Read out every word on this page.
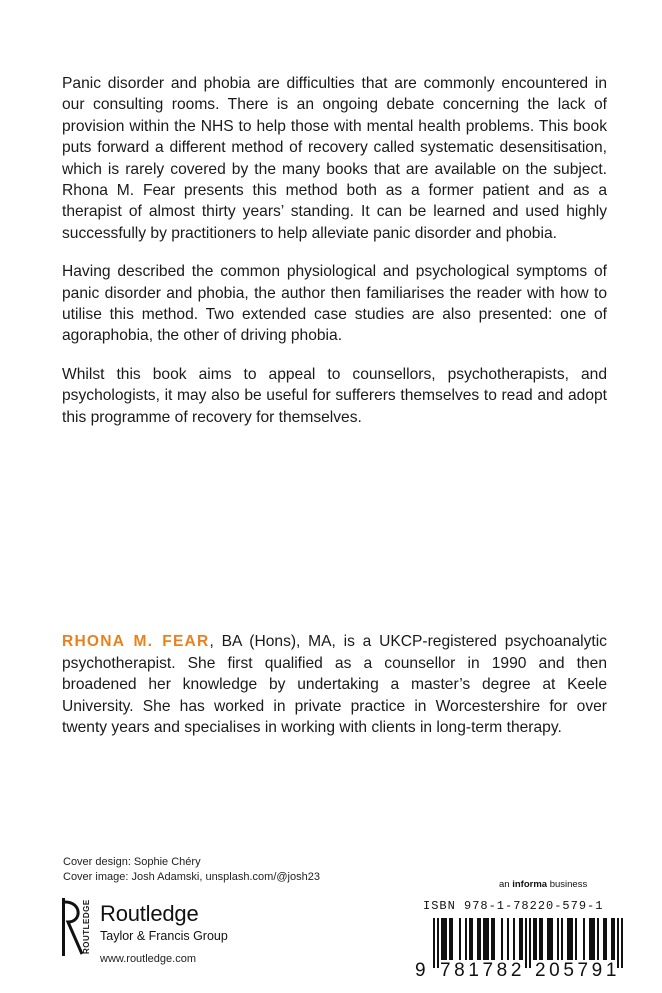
Panic disorder and phobia are difficulties that are commonly encountered in our consulting rooms. There is an ongoing debate concerning the lack of provision within the NHS to help those with mental health problems. This book puts forward a different method of recovery called systematic desensitisation, which is rarely covered by the many books that are available on the subject. Rhona M. Fear presents this method both as a former patient and as a therapist of almost thirty years’ standing. It can be learned and used highly successfully by practitioners to help alleviate panic disorder and phobia.

Having described the common physiological and psychological symptoms of panic disorder and phobia, the author then familiarises the reader with how to utilise this method. Two extended case studies are also presented: one of agoraphobia, the other of driving phobia.

Whilst this book aims to appeal to counsellors, psychotherapists, and psychologists, it may also be useful for sufferers themselves to read and adopt this programme of recovery for themselves.

RHONA M. FEAR, BA (Hons), MA, is a UKCP-registered psychoanalytic psychotherapist. She first qualified as a counsellor in 1990 and then broadened her knowledge by undertaking a master’s degree at Keele University. She has worked in private practice in Worcestershire for over twenty years and specialises in working with clients in long-term therapy.
Cover design: Sophie Chéry
Cover image: Josh Adamski, unsplash.com/@josh23
ROUTLEDGE Routledge
Taylor & Francis Group
www.routledge.com
an informa business
ISBN 978-1-78220-579-1
9 781782 205791
